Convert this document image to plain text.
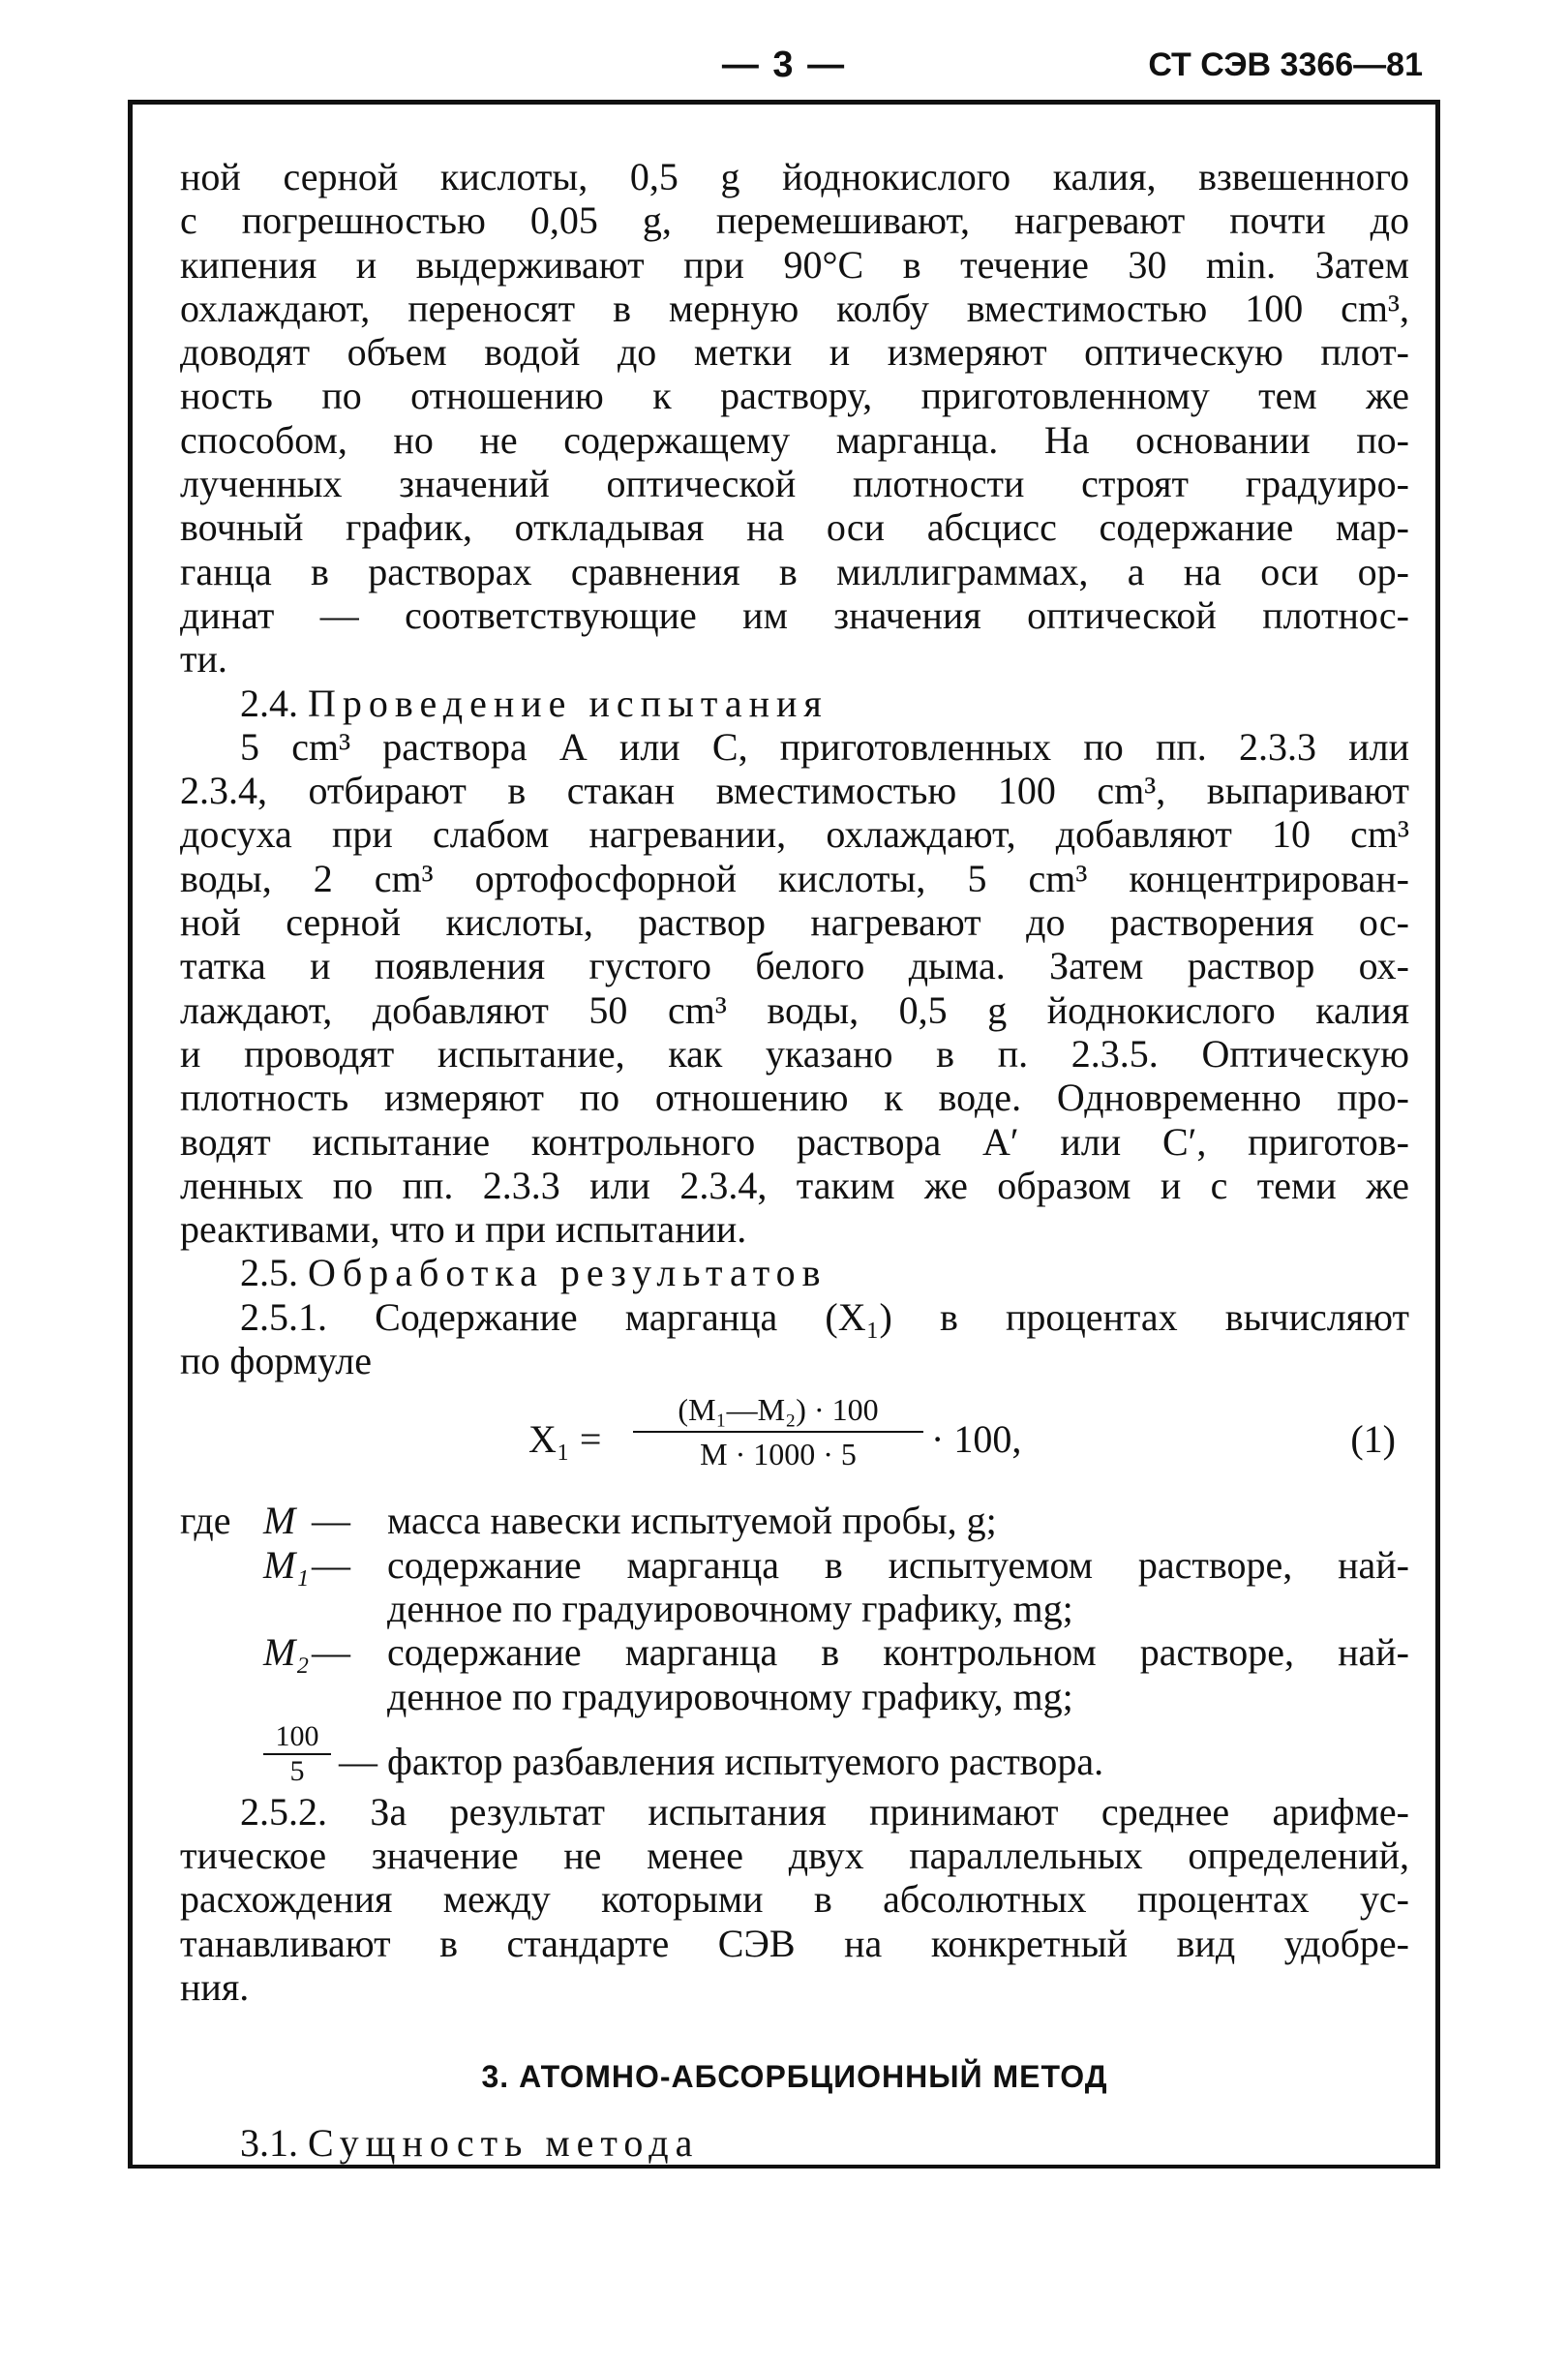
— 3 —	СТ СЭВ 3366—81
ной серной кислоты, 0,5 g йоднокислого калия, взвешенного
с погрешностью 0,05 g, перемешивают, нагревают почти до
кипения и выдерживают при 90°С в течение 30 min. Затем
охлаждают, переносят в мерную колбу вместимостью 100 cm³,
доводят объем водой до метки и измеряют оптическую плот-
ность по отношению к раствору, приготовленному тем же
способом, но не содержащему марганца. На основании по-
лученных значений оптической плотности строят градуиро-
вочный график, откладывая на оси абсцисс содержание мар-
ганца в растворах сравнения в миллиграммах, а на оси ор-
динат — соответствующие им значения оптической плотнос-
ти.
2.4. Проведение испытания
5 cm³ раствора А или С, приготовленных по пп. 2.3.3 или
2.3.4, отбирают в стакан вместимостью 100 cm³, выпаривают
досуха при слабом нагревании, охлаждают, добавляют 10 cm³
воды, 2 cm³ ортофосфорной кислоты, 5 cm³ концентрирован-
ной серной кислоты, раствор нагревают до растворения ос-
татка и появления густого белого дыма. Затем раствор ох-
лаждают, добавляют 50 cm³ воды, 0,5 g йоднокислого калия
и проводят испытание, как указано в п. 2.3.5. Оптическую
плотность измеряют по отношению к воде. Одновременно про-
водят испытание контрольного раствора А′ или С′, приготов-
ленных по пп. 2.3.3 или 2.3.4, таким же образом и с теми же
реактивами, что и при испытании.
2.5. Обработка результатов
2.5.1. Содержание марганца (X₁) в процентах вычисляют
по формуле
X₁ =
(M₁—M₂) · 100
M · 1000 · 5	· 100,	(1)
где M — масса навески испытуемой пробы, g;
M₁ — содержание марганца в испытуемом растворе, най-
денное по градуировочному графику, mg;
M₂ — содержание марганца в контрольном растворе, най-
денное по градуировочному графику, mg;
100
5 — фактор разбавления испытуемого раствора.
2.5.2. За результат испытания принимают среднее арифме-
тическое значение не менее двух параллельных определений,
расхождения между которыми в абсолютных процентах ус-
танавливают в стандарте СЭВ на конкретный вид удобре-
ния.
3. АТОМНО-АБСОРБЦИОННЫЙ МЕТОД
3.1. Сущность метода
